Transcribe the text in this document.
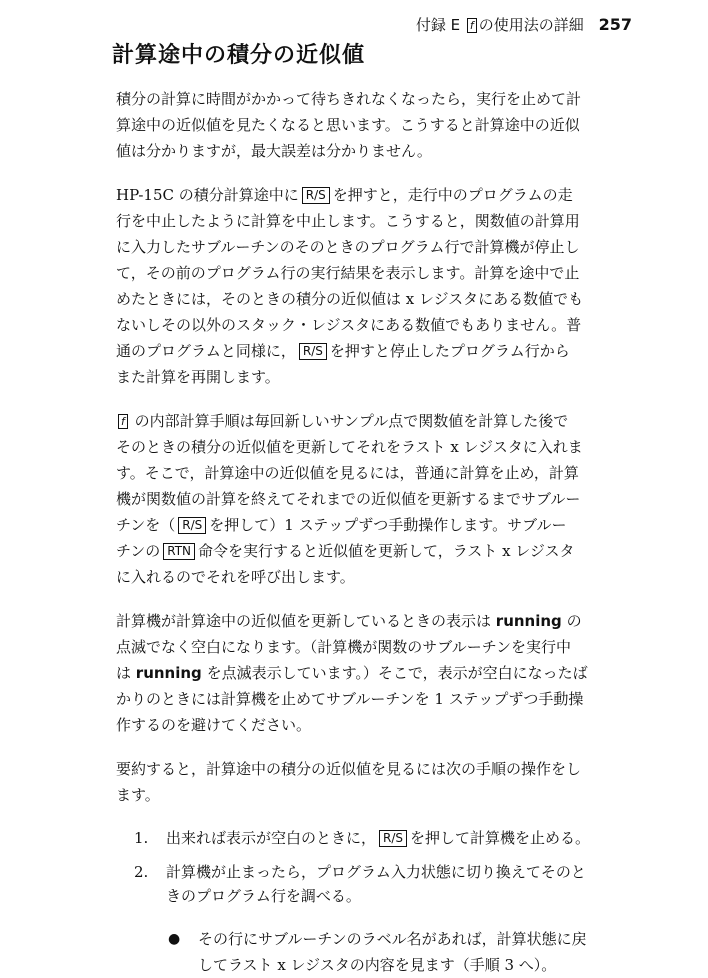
付録 E f の使用法の詳細 257
計算途中の積分の近似値

積分の計算に時間がかかって待ちきれなくなったら，実行を止めて計

算途中の近似値を見たくなると思います。こうすると計算途中の近似

値は分かりますが，最大誤差は分かりません。

HP-15C の積分計算途中に R/S を押すと，走行中のプログラムの走

行を中止したように計算を中止します。こうすると，関数値の計算用

に入力したサブルーチンのそのときのプログラム行で計算機が停止し

て，その前のプログラム行の実行結果を表示します。計算を途中で止

めたときには，そのときの積分の近似値は x レジスタにある数値でも

ないしその以外のスタック・レジスタにある数値でもありません。普

通のプログラムと同様に， R/S を押すと停止したプログラム行から

また計算を再開します。

f の内部計算手順は毎回新しいサンプル点で関数値を計算した後で

そのときの積分の近似値を更新してそれをラスト x レジスタに入れま

す。そこで，計算途中の近似値を見るには，普通に計算を止め，計算

機が関数値の計算を終えてそれまでの近似値を更新するまでサブルー

チンを（ R/S を押して）1 ステップずつ手動操作します。サブルー

チンの RTN 命令を実行すると近似値を更新して，ラスト x レジスタ

に入れるのでそれを呼び出します。

計算機が計算途中の近似値を更新しているときの表示は running の

点滅でなく空白になります。（計算機が関数のサブルーチンを実行中

は running を点滅表示しています。）そこで，表示が空白になったば

かりのときには計算機を止めてサブルーチンを 1 ステップずつ手動操

作するのを避けてください。

要約すると，計算途中の積分の近似値を見るには次の手順の操作をし

ます。

1. 出来れば表示が空白のときに， R/S を押して計算機を止める。
2. 計算機が止まったら，プログラム入力状態に切り換えてそのと
きのプログラム行を調べる。
● その行にサブルーチンのラベル名があれば，計算状態に戻
してラスト x レジスタの内容を見ます（手順 3 へ）。
